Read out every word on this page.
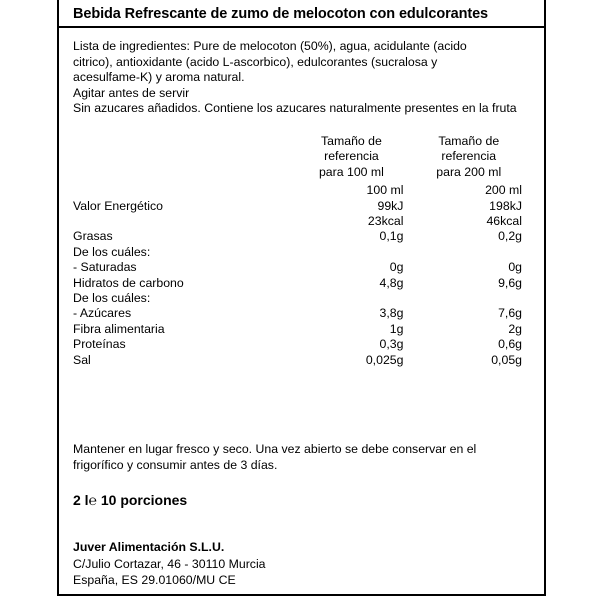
Bebida Refrescante de zumo de melocoton con edulcorantes
Lista de ingredientes: Pure de melocoton (50%), agua, acidulante (acido
citrico), antioxidante (acido L-ascorbico), edulcorantes (sucralosa y
acesulfame-K) y aroma natural.
Agitar antes de servir
Sin azucares añadidos. Contiene los azucares naturalmente presentes en la fruta
	Tamaño de referencia
para 100 ml	Tamaño de referencia
para 200 ml

	100 ml	200 ml
Valor Energético	99kJ	198kJ
	23kcal	46kcal
Grasas	0,1g	0,2g
De los cuáles:		
- Saturadas	0g	0g
Hidratos de carbono	4,8g	9,6g
De los cuáles:		
- Azúcares	3,8g	7,6g
Fibra alimentaria	1g	2g
Proteínas	0,3g	0,6g
Sal	0,025g	0,05g
Mantener en lugar fresco y seco. Una vez abierto se debe conservar en el
frigorífico y consumir antes de 3 días.
2 l℮ 10 porciones
Juver Alimentación S.L.U.
C/Julio Cortazar, 46 - 30110 Murcia
España, ES 29.01060/MU CE
